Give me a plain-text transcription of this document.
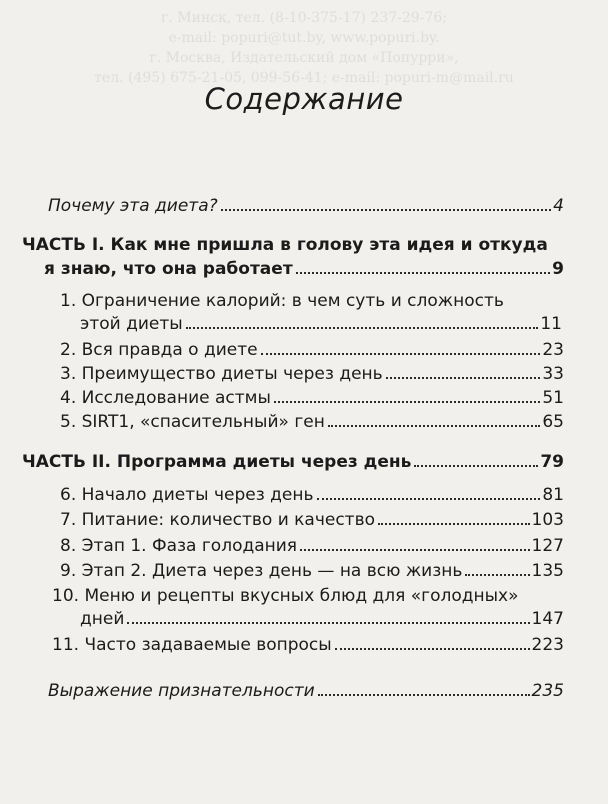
г. Минск, тел. (8-10-375-17) 237-29-76;
e-mail: popuri@tut.by, www.popuri.by.
г. Москва, Издательский дом «Попурри»,
тел. (495) 675-21-05, 099-56-41; e-mail: popuri-m@mail.ru
Содержание
Почему эта диета?	4
ЧАСТЬ I. Как мне пришла в голову эта идея и откуда
я знаю, что она работает	9
1. Ограничение калорий: в чем суть и сложность
этой диеты	11
2. Вся правда о диете	23
3. Преимущество диеты через день	33
4. Исследование астмы	51
5. SIRT1, «спасительный» ген	65
ЧАСТЬ II. Программа диеты через день	79
6. Начало диеты через день	81
7. Питание: количество и качество	103
8. Этап 1. Фаза голодания	127
9. Этап 2. Диета через день — на всю жизнь	135
10. Меню и рецепты вкусных блюд для «голодных»
дней	147
11. Часто задаваемые вопросы	223
Выражение признательности	235
